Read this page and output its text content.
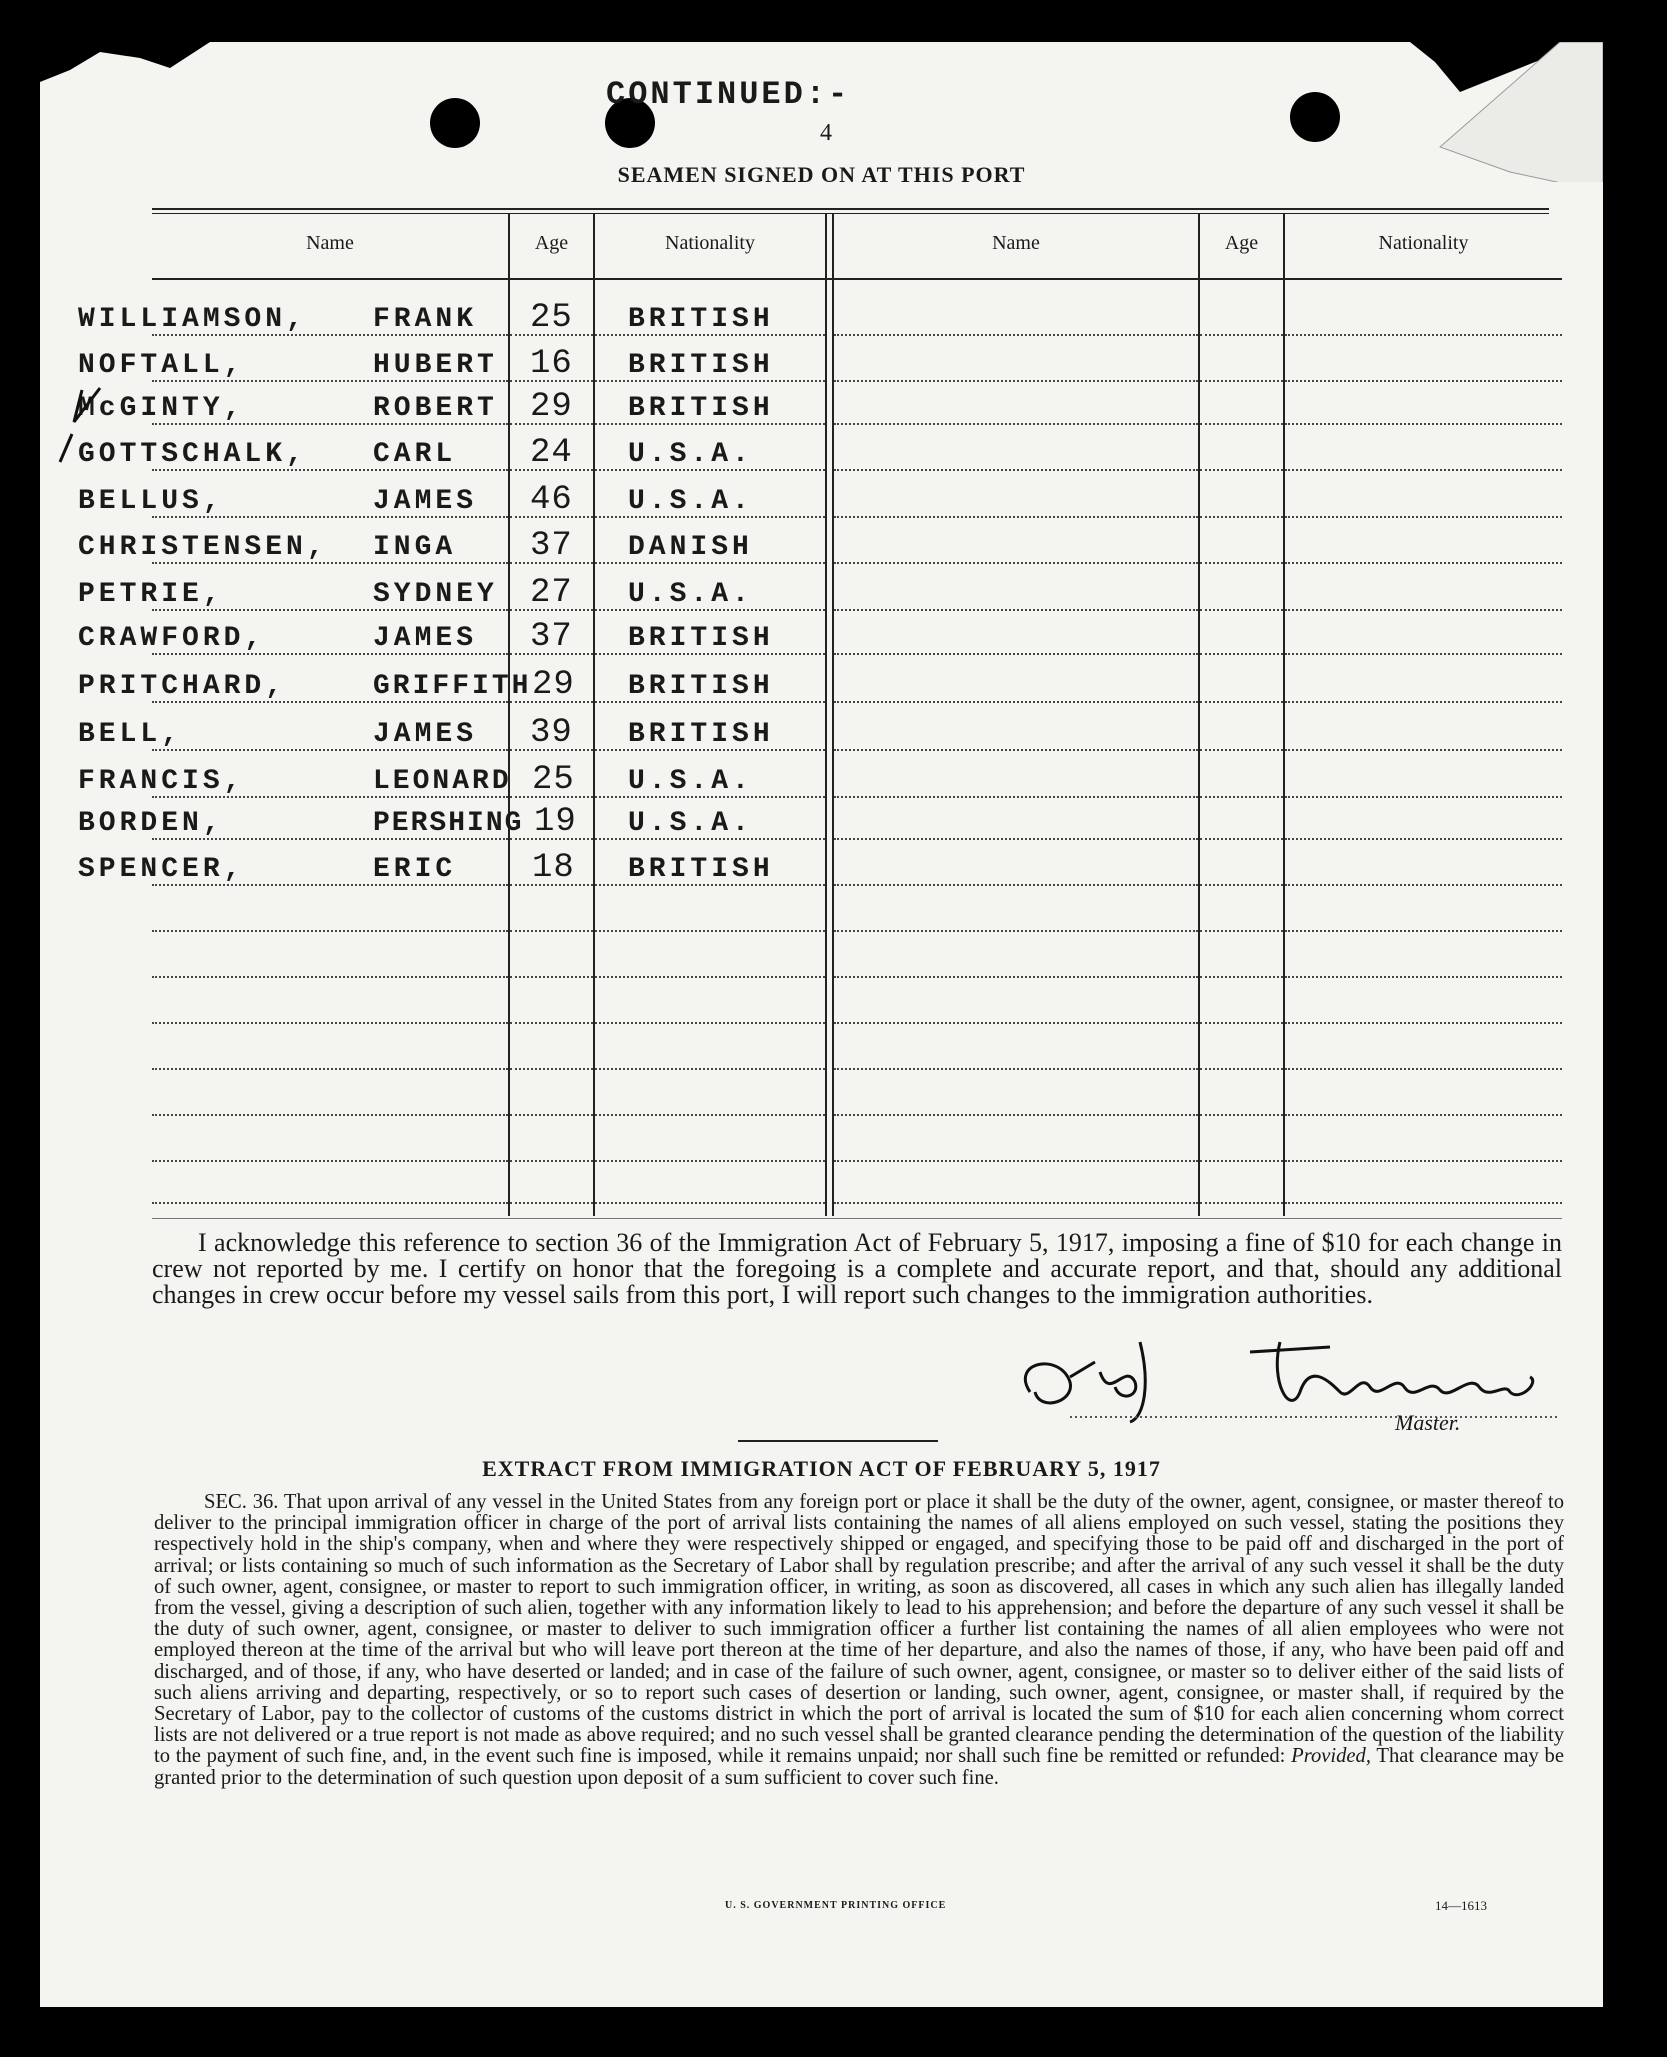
CONTINUED:-
4
SEAMEN SIGNED ON AT THIS PORT
Name	Age	Nationality	Name	Age	Nationality
WILLIAMSON, FRANK 25 BRITISH
NOFTALL,	HUBERT 16 BRITISH
McGINTY,	ROBERT 29 BRITISH
GOTTSCHALK, CARL 24 U.S.A.
BELLUS,	JAMES 46 U.S.A.
CHRISTENSEN, INGA 37 DANISH
PETRIE,	SYDNEY 27 U.S.A.
CRAWFORD,	JAMES 37 BRITISH
PRITCHARD,	GRIFFITH 29 BRITISH
BELL,	JAMES 39 BRITISH
FRANCIS,	LEONARD 25 U.S.A.
BORDEN,	PERSHING 19 U.S.A.
SPENCER,	ERIC 18 BRITISH
I acknowledge this reference to section 36 of the Immigration Act of February 5, 1917, imposing a fine of $10 for each change in crew not reported by me. I certify on honor that the foregoing is a complete and accurate report, and that, should any additional changes in crew occur before my vessel sails from this port, I will report such changes to the immigration authorities.
Master.
EXTRACT FROM IMMIGRATION ACT OF FEBRUARY 5, 1917
SEC. 36. That upon arrival of any vessel in the United States from any foreign port or place it shall be the duty of the owner, agent, consignee, or master thereof to deliver to the principal immigration officer in charge of the port of arrival lists containing the names of all aliens employed on such vessel, stating the positions they respectively hold in the ship's company, when and where they were respectively shipped or engaged, and specifying those to be paid off and discharged in the port of arrival; or lists containing so much of such information as the Secretary of Labor shall by regulation prescribe; and after the arrival of any such vessel it shall be the duty of such owner, agent, consignee, or master to report to such immigration officer, in writing, as soon as discovered, all cases in which any such alien has illegally landed from the vessel, giving a description of such alien, together with any information likely to lead to his apprehension; and before the departure of any such vessel it shall be the duty of such owner, agent, consignee, or master to deliver to such immigration officer a further list containing the names of all alien employees who were not employed thereon at the time of the arrival but who will leave port thereon at the time of her departure, and also the names of those, if any, who have been paid off and discharged, and of those, if any, who have deserted or landed; and in case of the failure of such owner, agent, consignee, or master so to deliver either of the said lists of such aliens arriving and departing, respectively, or so to report such cases of desertion or landing, such owner, agent, consignee, or master shall, if required by the Secretary of Labor, pay to the collector of customs of the customs district in which the port of arrival is located the sum of $10 for each alien concerning whom correct lists are not delivered or a true report is not made as above required; and no such vessel shall be granted clearance pending the determination of the question of the liability to the payment of such fine, and, in the event such fine is imposed, while it remains unpaid; nor shall such fine be remitted or refunded: Provided, That clearance may be granted prior to the determination of such question upon deposit of a sum sufficient to cover such fine.
U. S. GOVERNMENT PRINTING OFFICE	14—1613
